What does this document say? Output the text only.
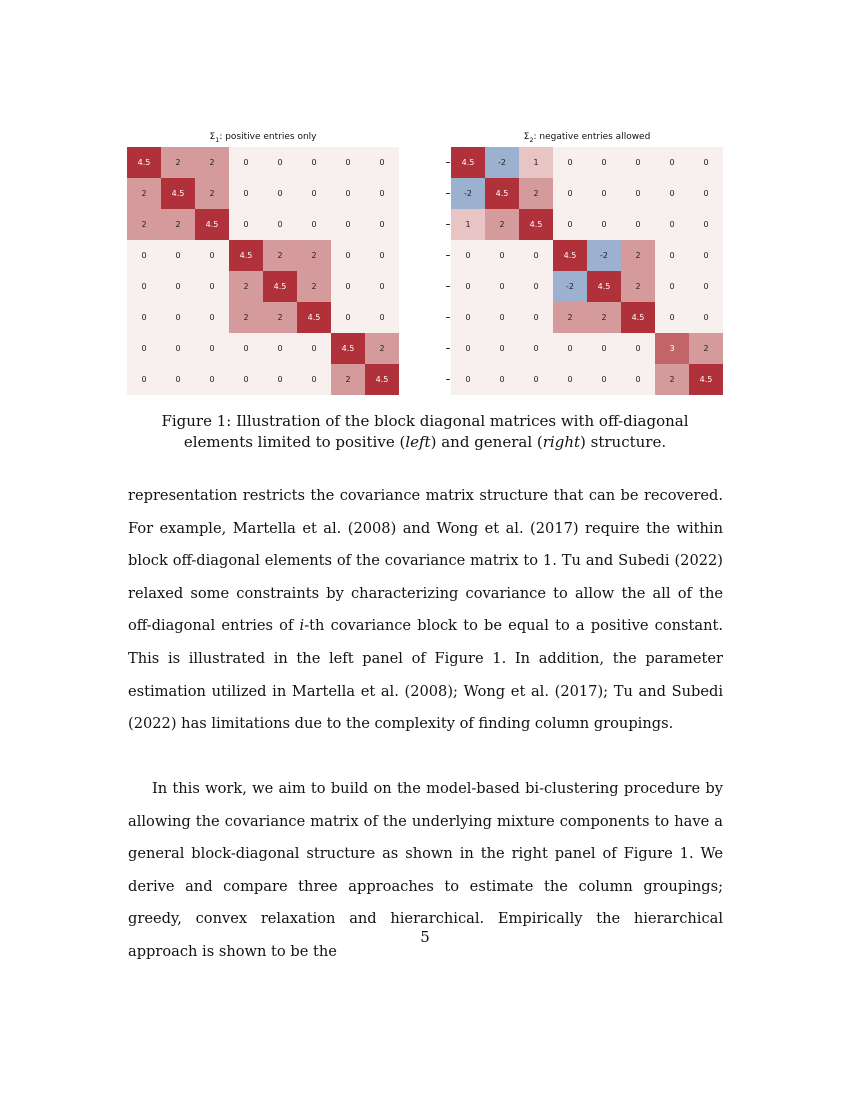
$\Sigma_1$: positive entries only
4.5	2	2	0	0	0	0	0
2	4.5	2	0	0	0	0	0
2	2	4.5	0	0	0	0	0
0	0	0	4.5	2	2	0	0
0	0	0	2	4.5	2	0	0
0	0	0	2	2	4.5	0	0
0	0	0	0	0	0	4.5	2
0	0	0	0	0	0	2	4.5
$\Sigma_2$: negative entries allowed
4.5	-2	1	0	0	0	0	0
-2	4.5	2	0	0	0	0	0
1	2	4.5	0	0	0	0	0
0	0	0	4.5	-2	2	0	0
0	0	0	-2	4.5	2	0	0
0	0	0	2	2	4.5	0	0
0	0	0	0	0	0	3	2
0	0	0	0	0	0	2	4.5
Figure 1: Illustration of the block diagonal matrices with off-diagonal elements limited to positive (left) and general (right) structure.

representation restricts the covariance matrix structure that can be recovered. For example, Martella et al. (2008) and Wong et al. (2017) require the within block off-diagonal elements of the covariance matrix to 1. Tu and Subedi (2022) relaxed some constraints by characterizing covariance to allow the all of the off-diagonal entries of i-th covariance block to be equal to a positive constant. This is illustrated in the left panel of Figure 1. In addition, the parameter estimation utilized in Martella et al. (2008); Wong et al. (2017); Tu and Subedi (2022) has limitations due to the complexity of finding column groupings.

In this work, we aim to build on the model-based bi-clustering procedure by allowing the covariance matrix of the underlying mixture components to have a general block-diagonal structure as shown in the right panel of Figure 1. We derive and compare three approaches to estimate the column groupings; greedy, convex relaxation and hierarchical. Empirically the hierarchical approach is shown to be the

5
